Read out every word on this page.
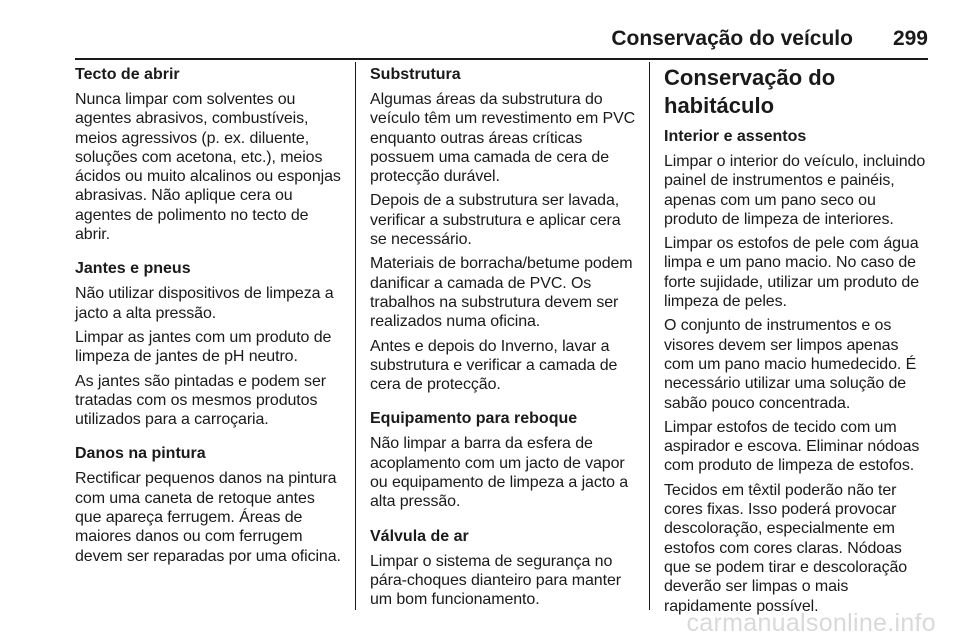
Conservação do veículo 299
Tecto de abrir

Nunca limpar com solventes ou agentes abrasivos, combustíveis, meios agressivos (p. ex. diluente, soluções com acetona, etc.), meios ácidos ou muito alcalinos ou esponjas abrasivas. Não aplique cera ou agentes de polimento no tecto de abrir.

Jantes e pneus

Não utilizar dispositivos de limpeza a jacto a alta pressão.

Limpar as jantes com um produto de limpeza de jantes de pH neutro.

As jantes são pintadas e podem ser tratadas com os mesmos produtos utilizados para a carroçaria.

Danos na pintura

Rectificar pequenos danos na pintura com uma caneta de retoque antes que apareça ferrugem. Áreas de maiores danos ou com ferrugem devem ser reparadas por uma oficina.

Substrutura

Algumas áreas da substrutura do veículo têm um revestimento em PVC enquanto outras áreas críticas possuem uma camada de cera de protecção durável.

Depois de a substrutura ser lavada, verificar a substrutura e aplicar cera se necessário.

Materiais de borracha/betume podem danificar a camada de PVC. Os trabalhos na substrutura devem ser realizados numa oficina.

Antes e depois do Inverno, lavar a substrutura e verificar a camada de cera de protecção.

Equipamento para reboque

Não limpar a barra da esfera de acoplamento com um jacto de vapor ou equipamento de limpeza a jacto a alta pressão.

Válvula de ar

Limpar o sistema de segurança no pára-choques dianteiro para manter um bom funcionamento.

Conservação do habitáculo
Interior e assentos

Limpar o interior do veículo, incluindo painel de instrumentos e painéis, apenas com um pano seco ou produto de limpeza de interiores.

Limpar os estofos de pele com água limpa e um pano macio. No caso de forte sujidade, utilizar um produto de limpeza de peles.

O conjunto de instrumentos e os visores devem ser limpos apenas com um pano macio humedecido. É necessário utilizar uma solução de sabão pouco concentrada.

Limpar estofos de tecido com um aspirador e escova. Eliminar nódoas com produto de limpeza de estofos.

Tecidos em têxtil poderão não ter cores fixas. Isso poderá provocar descoloração, especialmente em estofos com cores claras. Nódoas que se podem tirar e descoloração deverão ser limpas o mais rapidamente possível.

carmanualsonline.info
